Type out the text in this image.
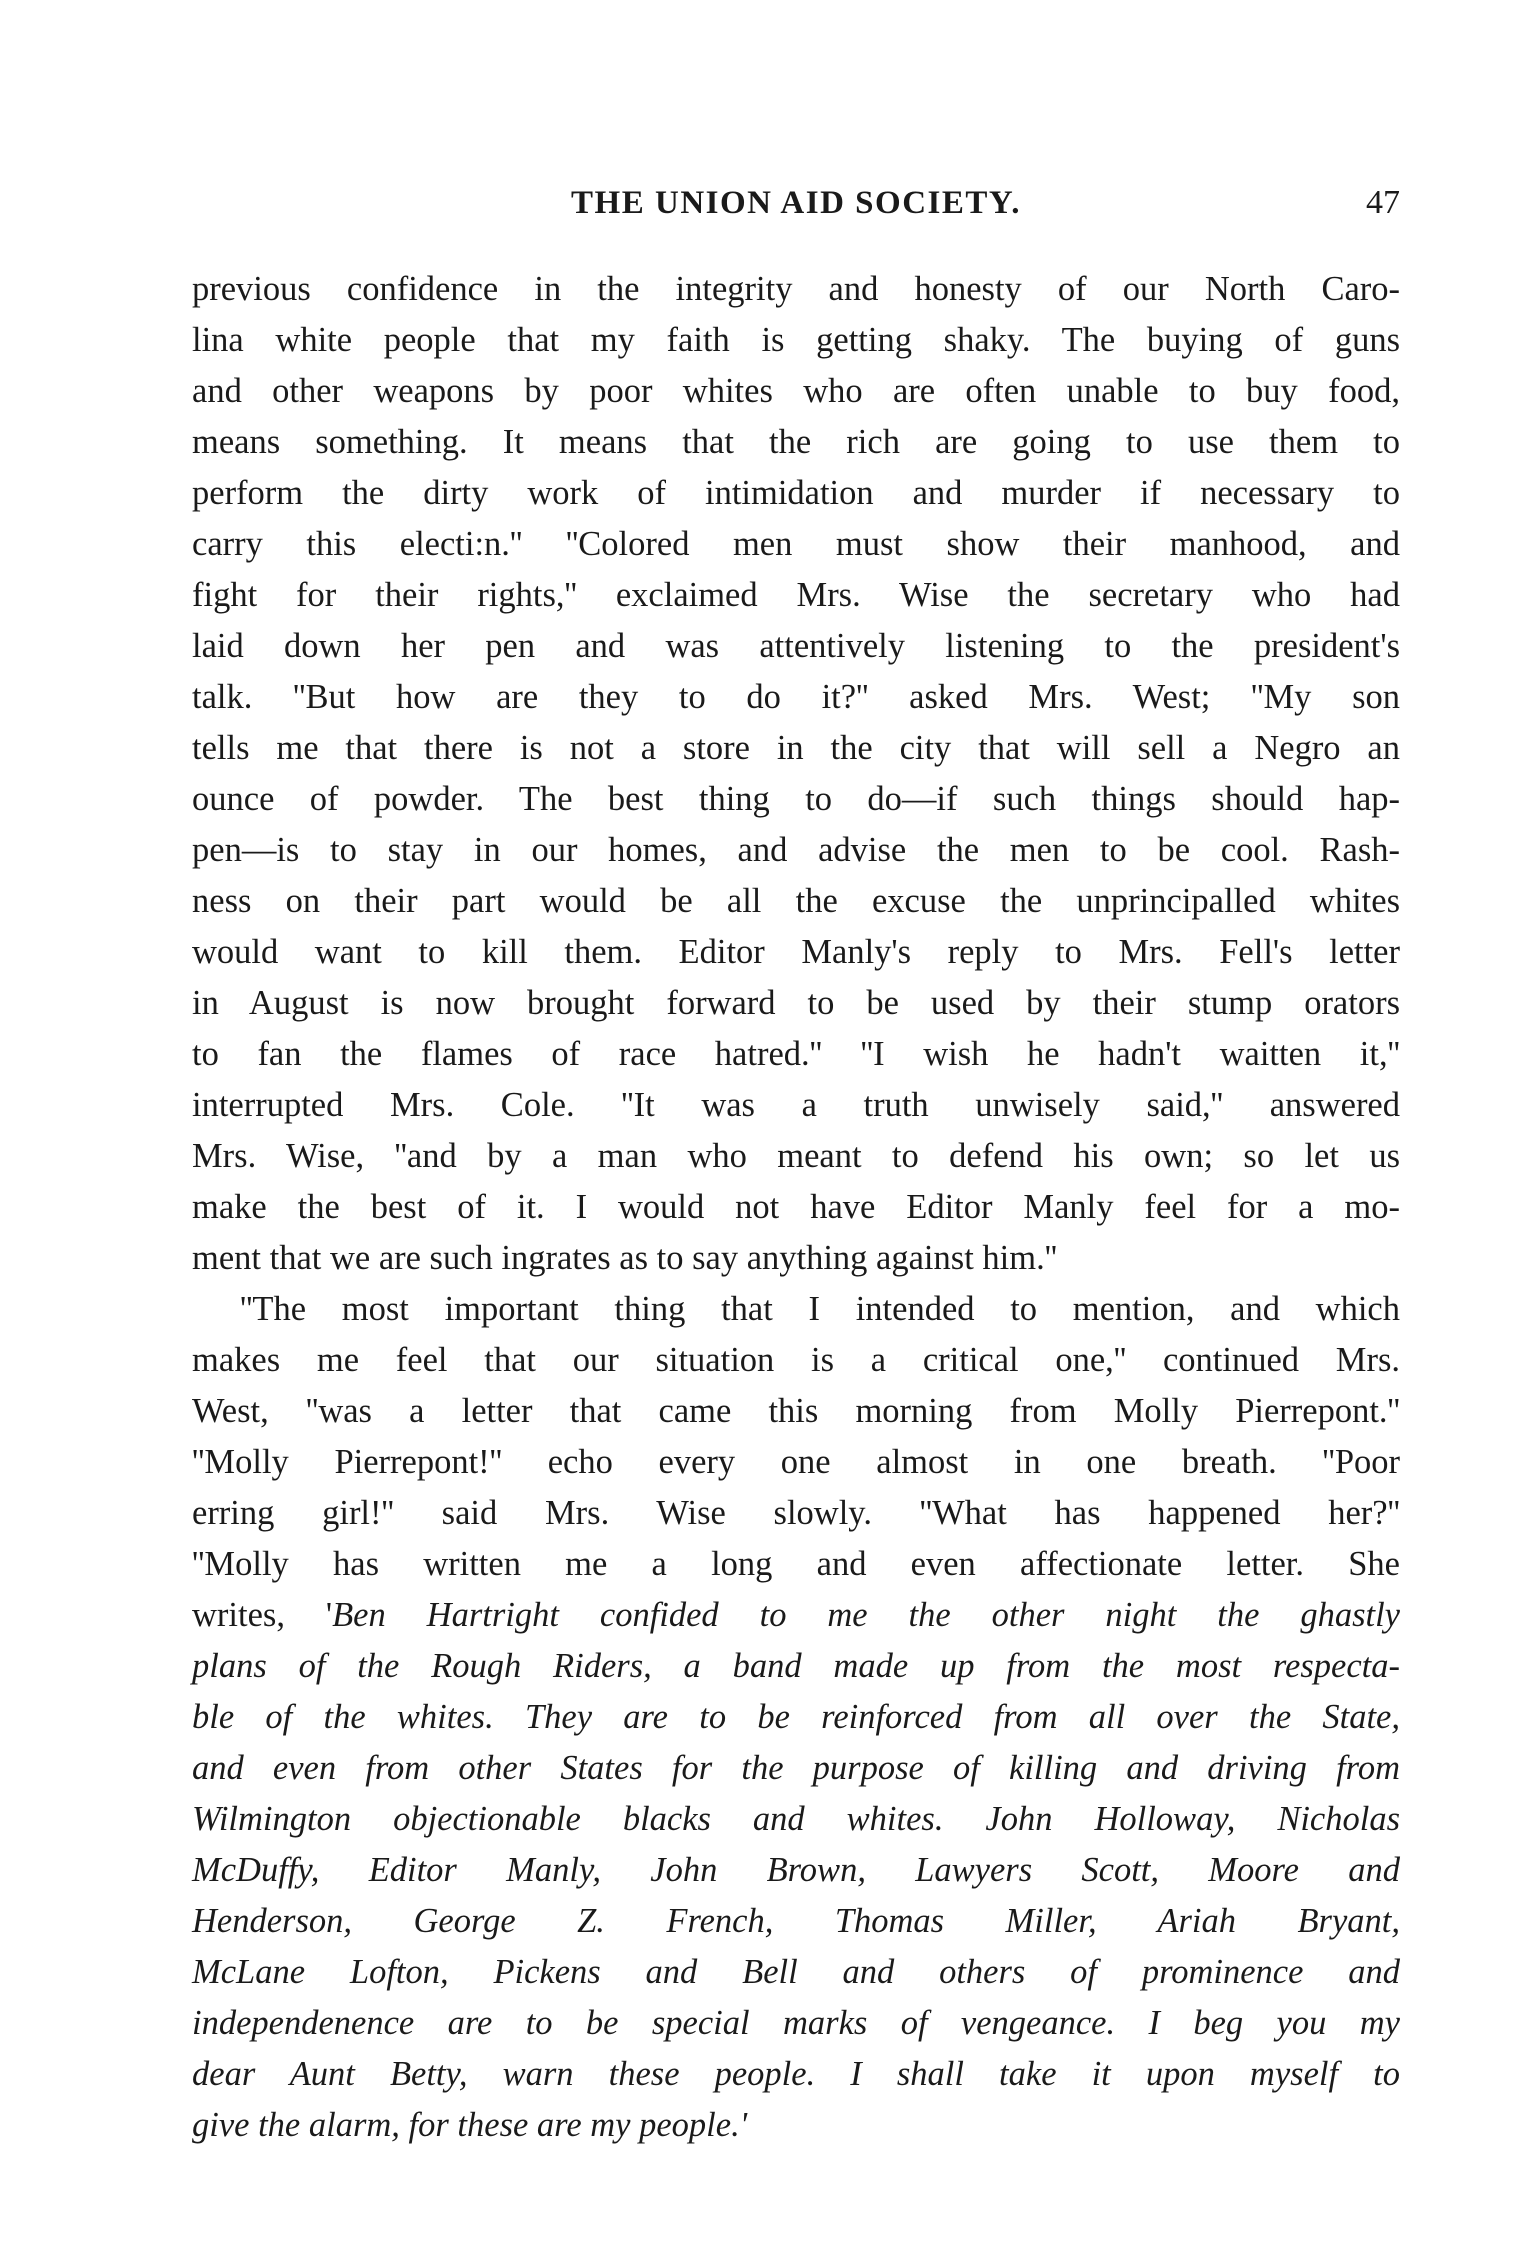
THE UNION AID SOCIETY.	47
previous confidence in the integrity and honesty of our North Caro-
lina white people that my faith is getting shaky. The buying of guns
and other weapons by poor whites who are often unable to buy food,
means something. It means that the rich are going to use them to
perform the dirty work of intimidation and murder if necessary to
carry this electi:n.'' ''Colored men must show their manhood, and
fight for their rights,'' exclaimed Mrs. Wise the secretary who had
laid down her pen and was attentively listening to the president's
talk. ''But how are they to do it?'' asked Mrs. West; ''My son
tells me that there is not a store in the city that will sell a Negro an
ounce of powder. The best thing to do—if such things should hap-
pen—is to stay in our homes, and advise the men to be cool. Rash-
ness on their part would be all the excuse the unprincipalled whites
would want to kill them. Editor Manly's reply to Mrs. Fell's letter
in August is now brought forward to be used by their stump orators
to fan the flames of race hatred.'' ''I wish he hadn't waitten it,''
interrupted Mrs. Cole. ''It was a truth unwisely said,'' answered
Mrs. Wise, ''and by a man who meant to defend his own; so let us
make the best of it. I would not have Editor Manly feel for a mo-
ment that we are such ingrates as to say anything against him.''
''The most important thing that I intended to mention, and which
makes me feel that our situation is a critical one,'' continued Mrs.
West, ''was a letter that came this morning from Molly Pierrepont.''
''Molly Pierrepont!'' echo every one almost in one breath. ''Poor
erring girl!'' said Mrs. Wise slowly. ''What has happened her?''
''Molly has written me a long and even affectionate letter. She
writes, 'Ben Hartright confided to me the other night the ghastly
plans of the Rough Riders, a band made up from the most respecta-
ble of the whites. They are to be reinforced from all over the State,
and even from other States for the purpose of killing and driving from
Wilmington objectionable blacks and whites. John Holloway, Nicholas
McDuffy, Editor Manly, John Brown, Lawyers Scott, Moore and
Henderson, George Z. French, Thomas Miller, Ariah Bryant,
McLane Lofton, Pickens and Bell and others of prominence and
independenence are to be special marks of vengeance. I beg you my
dear Aunt Betty, warn these people. I shall take it upon myself to
give the alarm, for these are my people.'
